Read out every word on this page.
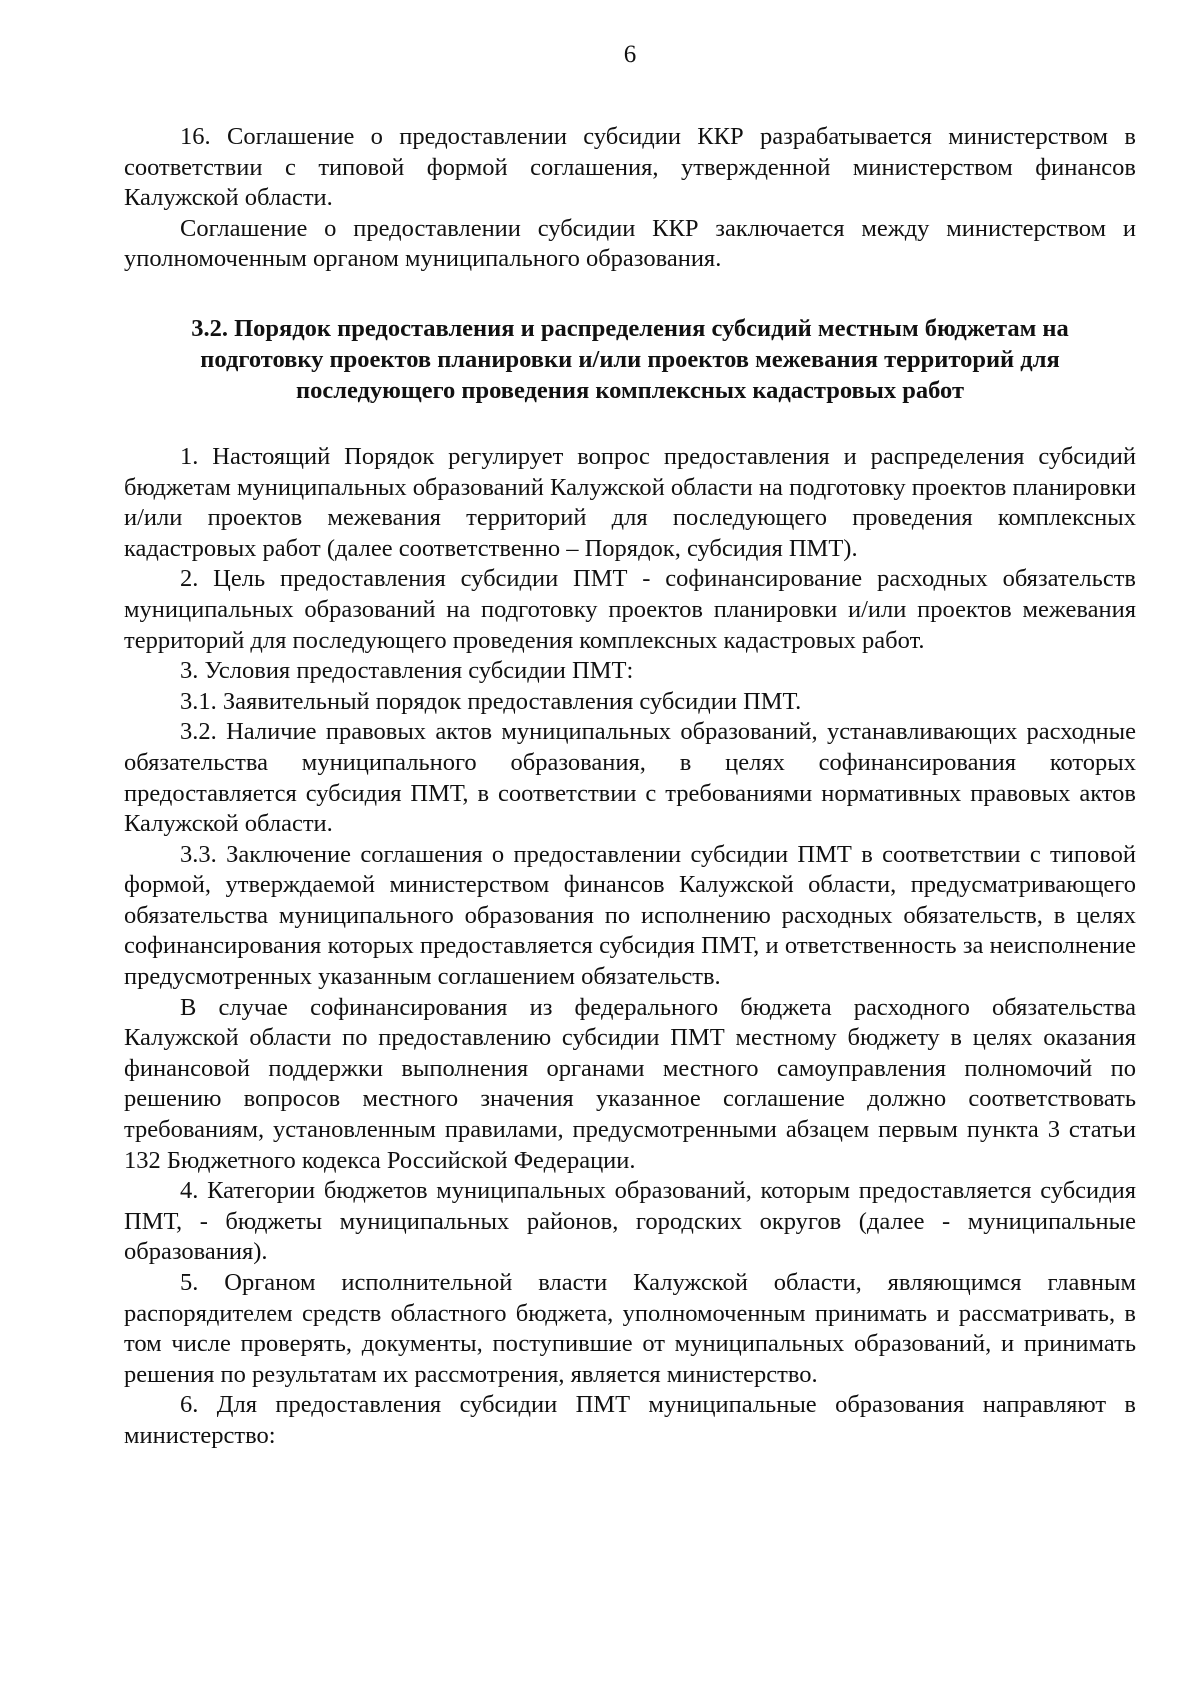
6

16. Соглашение о предоставлении субсидии ККР разрабатывается министерством в соответствии с типовой формой соглашения, утвержденной министерством финансов Калужской области.

Соглашение о предоставлении субсидии ККР заключается между министерством и уполномоченным органом муниципального образования.

3.2. Порядок предоставления и распределения субсидий местным бюджетам на подготовку проектов планировки и/или проектов межевания территорий для последующего проведения комплексных кадастровых работ

1. Настоящий Порядок регулирует вопрос предоставления и распределения субсидий бюджетам муниципальных образований Калужской области на подготовку проектов планировки и/или проектов межевания территорий для последующего проведения комплексных кадастровых работ (далее соответственно – Порядок, субсидия ПМТ).

2. Цель предоставления субсидии ПМТ - софинансирование расходных обязательств муниципальных образований на подготовку проектов планировки и/или проектов межевания территорий для последующего проведения комплексных кадастровых работ.

3. Условия предоставления субсидии ПМТ:

3.1. Заявительный порядок предоставления субсидии ПМТ.

3.2. Наличие правовых актов муниципальных образований, устанавливающих расходные обязательства муниципального образования, в целях софинансирования которых предоставляется субсидия ПМТ, в соответствии с требованиями нормативных правовых актов Калужской области.

3.3. Заключение соглашения о предоставлении субсидии ПМТ в соответствии с типовой формой, утверждаемой министерством финансов Калужской области, предусматривающего обязательства муниципального образования по исполнению расходных обязательств, в целях софинансирования которых предоставляется субсидия ПМТ, и ответственность за неисполнение предусмотренных указанным соглашением обязательств.

В случае софинансирования из федерального бюджета расходного обязательства Калужской области по предоставлению субсидии ПМТ местному бюджету в целях оказания финансовой поддержки выполнения органами местного самоуправления полномочий по решению вопросов местного значения указанное соглашение должно соответствовать требованиям, установленным правилами, предусмотренными абзацем первым пункта 3 статьи 132 Бюджетного кодекса Российской Федерации.

4. Категории бюджетов муниципальных образований, которым предоставляется субсидия ПМТ, - бюджеты муниципальных районов, городских округов (далее - муниципальные образования).

5. Органом исполнительной власти Калужской области, являющимся главным распорядителем средств областного бюджета, уполномоченным принимать и рассматривать, в том числе проверять, документы, поступившие от муниципальных образований, и принимать решения по результатам их рассмотрения, является министерство.

6. Для предоставления субсидии ПМТ муниципальные образования направляют в министерство:
